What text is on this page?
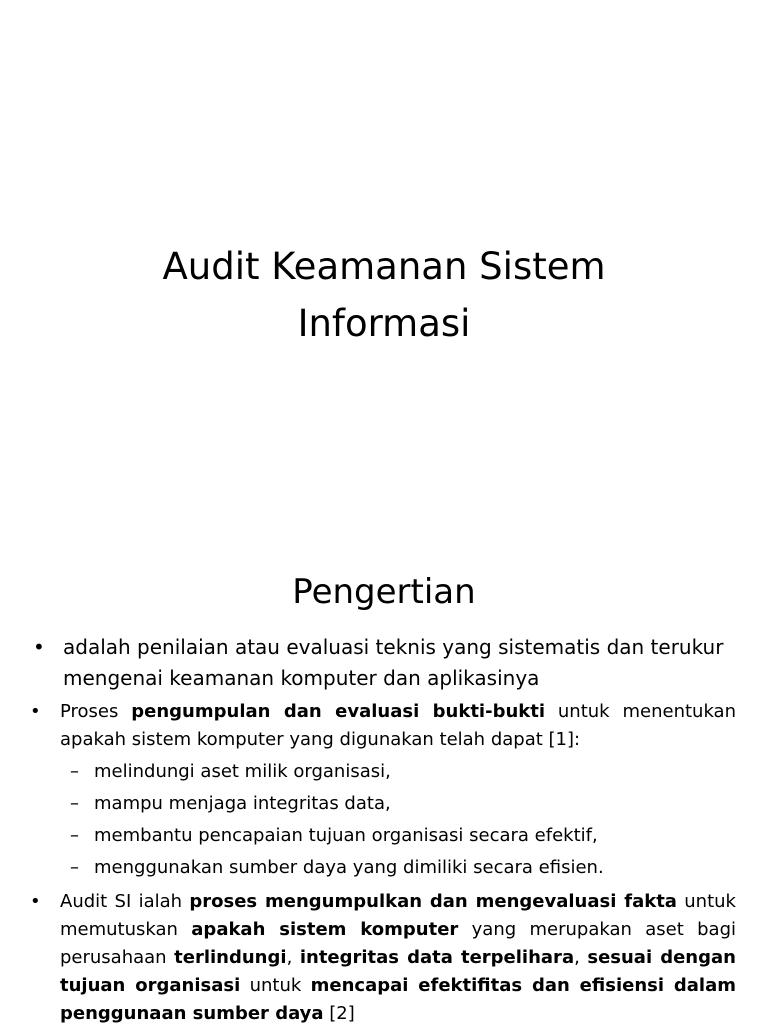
Audit Keamanan Sistem
Informasi
Pengertian
• adalah penilaian atau evaluasi teknis yang sistematis dan terukur mengenai keamanan komputer dan aplikasinya
• Proses pengumpulan dan evaluasi bukti-bukti untuk menentukan apakah sistem komputer yang digunakan telah dapat [1]:
– melindungi aset milik organisasi,
– mampu menjaga integritas data,
– membantu pencapaian tujuan organisasi secara efektif,
– menggunakan sumber daya yang dimiliki secara efisien.
• Audit SI ialah proses mengumpulkan dan mengevaluasi fakta untuk memutuskan apakah sistem komputer yang merupakan aset bagi perusahaan terlindungi, integritas data terpelihara, sesuai dengan tujuan organisasi untuk mencapai efektifitas dan efisiensi dalam penggunaan sumber daya [2]
